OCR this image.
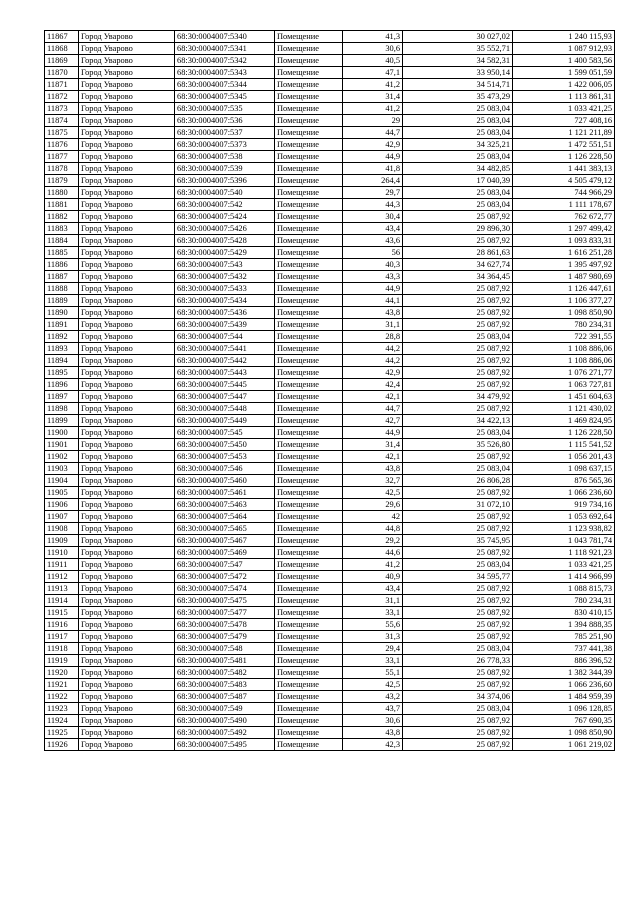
11867	Город Уварово	68:30:0004007:5340	Помещение	41,3	30 027,02	1 240 115,93
11868	Город Уварово	68:30:0004007:5341	Помещение	30,6	35 552,71	1 087 912,93
11869	Город Уварово	68:30:0004007:5342	Помещение	40,5	34 582,31	1 400 583,56
11870	Город Уварово	68:30:0004007:5343	Помещение	47,1	33 950,14	1 599 051,59
11871	Город Уварово	68:30:0004007:5344	Помещение	41,2	34 514,71	1 422 006,05
11872	Город Уварово	68:30:0004007:5345	Помещение	31,4	35 473,29	1 113 861,31
11873	Город Уварово	68:30:0004007:535	Помещение	41,2	25 083,04	1 033 421,25
11874	Город Уварово	68:30:0004007:536	Помещение	29	25 083,04	727 408,16
11875	Город Уварово	68:30:0004007:537	Помещение	44,7	25 083,04	1 121 211,89
11876	Город Уварово	68:30:0004007:5373	Помещение	42,9	34 325,21	1 472 551,51
11877	Город Уварово	68:30:0004007:538	Помещение	44,9	25 083,04	1 126 228,50
11878	Город Уварово	68:30:0004007:539	Помещение	41,8	34 482,85	1 441 383,13
11879	Город Уварово	68:30:0004007:5396	Помещение	264,4	17 040,39	4 505 479,12
11880	Город Уварово	68:30:0004007:540	Помещение	29,7	25 083,04	744 966,29
11881	Город Уварово	68:30:0004007:542	Помещение	44,3	25 083,04	1 111 178,67
11882	Город Уварово	68:30:0004007:5424	Помещение	30,4	25 087,92	762 672,77
11883	Город Уварово	68:30:0004007:5426	Помещение	43,4	29 896,30	1 297 499,42
11884	Город Уварово	68:30:0004007:5428	Помещение	43,6	25 087,92	1 093 833,31
11885	Город Уварово	68:30:0004007:5429	Помещение	56	28 861,63	1 616 251,28
11886	Город Уварово	68:30:0004007:543	Помещение	40,3	34 627,74	1 395 497,92
11887	Город Уварово	68:30:0004007:5432	Помещение	43,3	34 364,45	1 487 980,69
11888	Город Уварово	68:30:0004007:5433	Помещение	44,9	25 087,92	1 126 447,61
11889	Город Уварово	68:30:0004007:5434	Помещение	44,1	25 087,92	1 106 377,27
11890	Город Уварово	68:30:0004007:5436	Помещение	43,8	25 087,92	1 098 850,90
11891	Город Уварово	68:30:0004007:5439	Помещение	31,1	25 087,92	780 234,31
11892	Город Уварово	68:30:0004007:544	Помещение	28,8	25 083,04	722 391,55
11893	Город Уварово	68:30:0004007:5441	Помещение	44,2	25 087,92	1 108 886,06
11894	Город Уварово	68:30:0004007:5442	Помещение	44,2	25 087,92	1 108 886,06
11895	Город Уварово	68:30:0004007:5443	Помещение	42,9	25 087,92	1 076 271,77
11896	Город Уварово	68:30:0004007:5445	Помещение	42,4	25 087,92	1 063 727,81
11897	Город Уварово	68:30:0004007:5447	Помещение	42,1	34 479,92	1 451 604,63
11898	Город Уварово	68:30:0004007:5448	Помещение	44,7	25 087,92	1 121 430,02
11899	Город Уварово	68:30:0004007:5449	Помещение	42,7	34 422,13	1 469 824,95
11900	Город Уварово	68:30:0004007:545	Помещение	44,9	25 083,04	1 126 228,50
11901	Город Уварово	68:30:0004007:5450	Помещение	31,4	35 526,80	1 115 541,52
11902	Город Уварово	68:30:0004007:5453	Помещение	42,1	25 087,92	1 056 201,43
11903	Город Уварово	68:30:0004007:546	Помещение	43,8	25 083,04	1 098 637,15
11904	Город Уварово	68:30:0004007:5460	Помещение	32,7	26 806,28	876 565,36
11905	Город Уварово	68:30:0004007:5461	Помещение	42,5	25 087,92	1 066 236,60
11906	Город Уварово	68:30:0004007:5463	Помещение	29,6	31 072,10	919 734,16
11907	Город Уварово	68:30:0004007:5464	Помещение	42	25 087,92	1 053 692,64
11908	Город Уварово	68:30:0004007:5465	Помещение	44,8	25 087,92	1 123 938,82
11909	Город Уварово	68:30:0004007:5467	Помещение	29,2	35 745,95	1 043 781,74
11910	Город Уварово	68:30:0004007:5469	Помещение	44,6	25 087,92	1 118 921,23
11911	Город Уварово	68:30:0004007:547	Помещение	41,2	25 083,04	1 033 421,25
11912	Город Уварово	68:30:0004007:5472	Помещение	40,9	34 595,77	1 414 966,99
11913	Город Уварово	68:30:0004007:5474	Помещение	43,4	25 087,92	1 088 815,73
11914	Город Уварово	68:30:0004007:5475	Помещение	31,1	25 087,92	780 234,31
11915	Город Уварово	68:30:0004007:5477	Помещение	33,1	25 087,92	830 410,15
11916	Город Уварово	68:30:0004007:5478	Помещение	55,6	25 087,92	1 394 888,35
11917	Город Уварово	68:30:0004007:5479	Помещение	31,3	25 087,92	785 251,90
11918	Город Уварово	68:30:0004007:548	Помещение	29,4	25 083,04	737 441,38
11919	Город Уварово	68:30:0004007:5481	Помещение	33,1	26 778,33	886 396,52
11920	Город Уварово	68:30:0004007:5482	Помещение	55,1	25 087,92	1 382 344,39
11921	Город Уварово	68:30:0004007:5483	Помещение	42,5	25 087,92	1 066 236,60
11922	Город Уварово	68:30:0004007:5487	Помещение	43,2	34 374,06	1 484 959,39
11923	Город Уварово	68:30:0004007:549	Помещение	43,7	25 083,04	1 096 128,85
11924	Город Уварово	68:30:0004007:5490	Помещение	30,6	25 087,92	767 690,35
11925	Город Уварово	68:30:0004007:5492	Помещение	43,8	25 087,92	1 098 850,90
11926	Город Уварово	68:30:0004007:5495	Помещение	42,3	25 087,92	1 061 219,02
